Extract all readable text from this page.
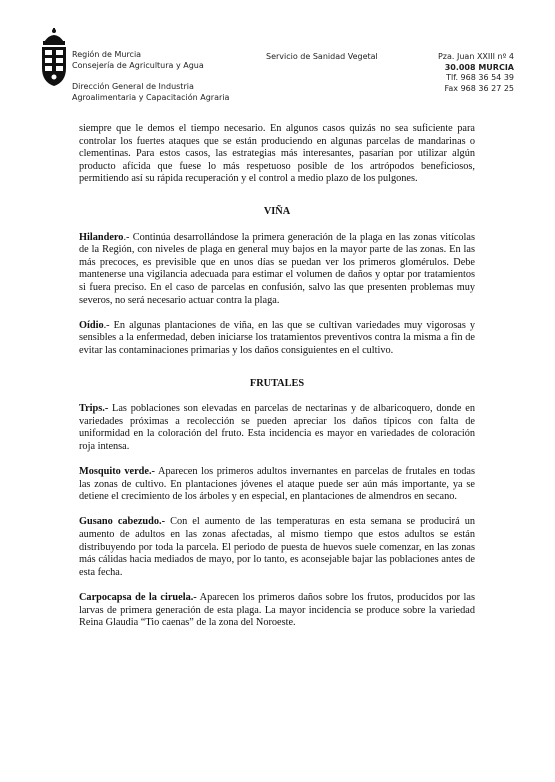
Región de Murcia
Consejería de Agricultura y Agua
Dirección General de Industria
Agroalimentaria y Capacitación Agraria
Servicio de Sanidad Vegetal	Pza. Juan XXIII nº 4
30.008 MURCIA
Tlf. 968 36 54 39
Fax 968 36 27 25

siempre que le demos el tiempo necesario. En algunos casos quizás no sea suficiente para controlar los fuertes ataques que se están produciendo en algunas parcelas de mandarinas o clementinas. Para estos casos, las estrategias más interesantes, pasarían por utilizar algún producto afícida que fuese lo más respetuoso posible de los artrópodos beneficiosos, permitiendo así su rápida recuperación y el control a medio plazo de los pulgones.

VIÑA

Hilandero.- Continúa desarrollándose la primera generación de la plaga en las zonas vitícolas de la Región, con niveles de plaga en general muy bajos en la mayor parte de las zonas. En las más precoces, es previsible que en unos días se puedan ver los primeros glomérulos. Debe mantenerse una vigilancia adecuada para estimar el volumen de daños y optar por tratamientos si fuera preciso. En el caso de parcelas en confusión, salvo las que presenten problemas muy severos, no será necesario actuar contra la plaga.

Oídio.- En algunas plantaciones de viña, en las que se cultivan variedades muy vigorosas y sensibles a la enfermedad, deben iniciarse los tratamientos preventivos contra la misma a fin de evitar las contaminaciones primarias y los daños consiguientes en el cultivo.

FRUTALES

Trips.- Las poblaciones son elevadas en parcelas de nectarinas y de albaricoquero, donde en variedades próximas a recolección se pueden apreciar los daños típicos con falta de uniformidad en la coloración del fruto. Esta incidencia es mayor en variedades de coloración roja intensa.

Mosquito verde.- Aparecen los primeros adultos invernantes en parcelas de frutales en todas las zonas de cultivo. En plantaciones jóvenes el ataque puede ser aún más importante, ya se detiene el crecimiento de los árboles y en especial, en plantaciones de almendros en secano.

Gusano cabezudo.- Con el aumento de las temperaturas en esta semana se producirá un aumento de adultos en las zonas afectadas, al mismo tiempo que estos adultos se están distribuyendo por toda la parcela. El periodo de puesta de huevos suele comenzar, en las zonas más cálidas hacia mediados de mayo, por lo tanto, es aconsejable bajar las poblaciones antes de esta fecha.

Carpocapsa de la ciruela.- Aparecen los primeros daños sobre los frutos, producidos por las larvas de primera generación de esta plaga. La mayor incidencia se produce sobre la variedad Reina Glaudia “Tio caenas” de la zona del Noroeste.
